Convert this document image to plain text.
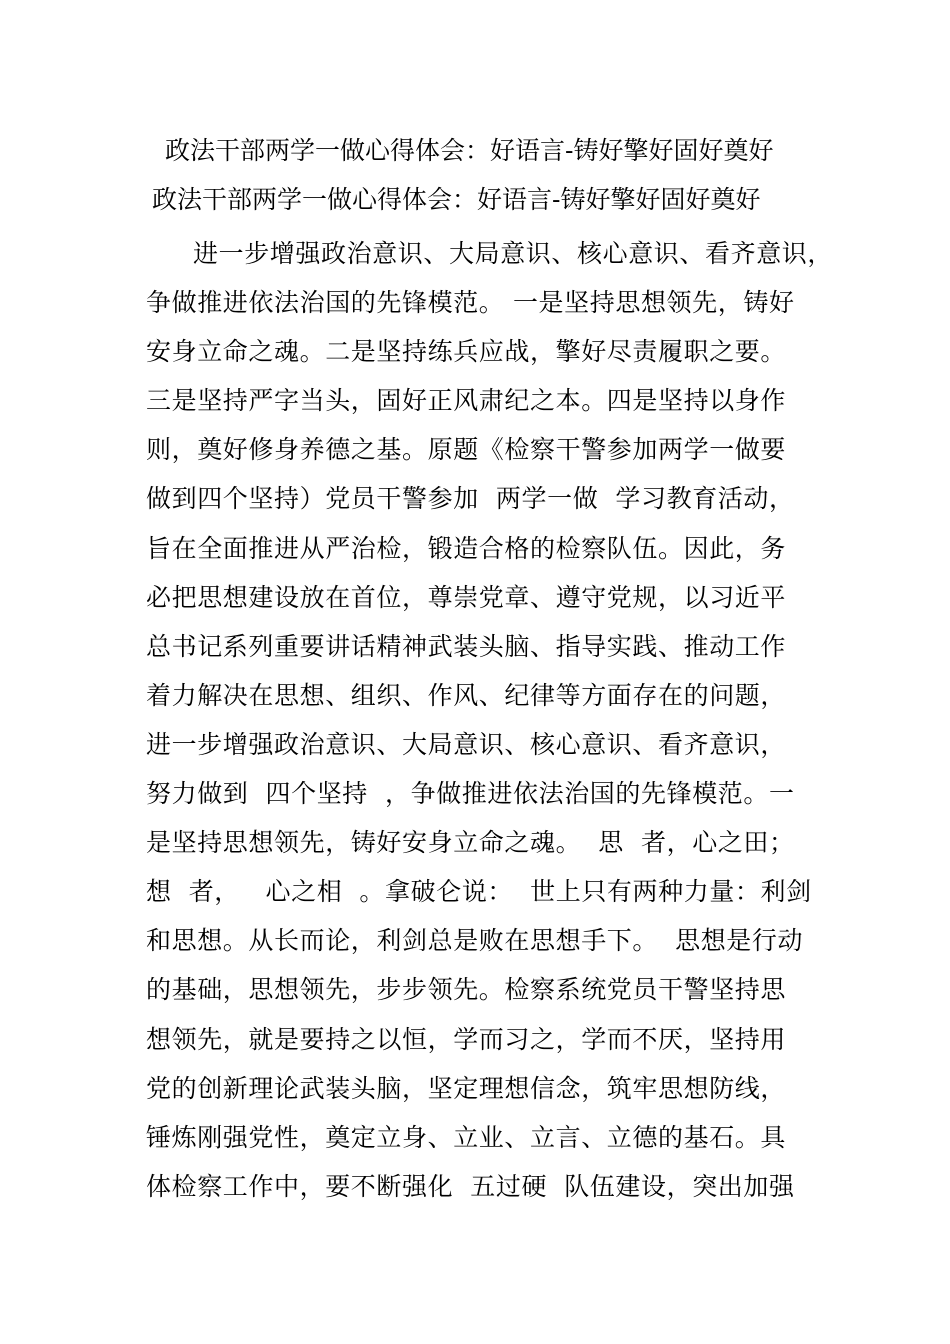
政法干部两学一做心得体会：好语言-铸好擎好固好奠好
政法干部两学一做心得体会：好语言-铸好擎好固好奠好
进一步增强政治意识、大局意识、核心意识、看齐意识，
争做推进依法治国的先锋模范。 一是坚持思想领先，铸好
安身立命之魂。二是坚持练兵应战，擎好尽责履职之要。
三是坚持严字当头，固好正风肃纪之本。四是坚持以身作
则，奠好修身养德之基。原题《检察干警参加两学一做要
做到四个坚持）党员干警参加  两学一做  学习教育活动，
旨在全面推进从严治检，锻造合格的检察队伍。因此，务
必把思想建设放在首位，尊崇党章、遵守党规，以习近平
总书记系列重要讲话精神武装头脑、指导实践、推动工作
着力解决在思想、组织、作风、纪律等方面存在的问题，
进一步增强政治意识、大局意识、核心意识、看齐意识，
努力做到  四个坚持  ，争做推进依法治国的先锋模范。一
是坚持思想领先，铸好安身立命之魂。  思  者，心之田；
想  者，   心之相  。拿破仑说：  世上只有两种力量：利剑
和思想。从长而论，利剑总是败在思想手下。  思想是行动
的基础，思想领先，步步领先。检察系统党员干警坚持思
想领先，就是要持之以恒，学而习之，学而不厌，坚持用
党的创新理论武装头脑，坚定理想信念，筑牢思想防线，
锤炼刚强党性，奠定立身、立业、立言、立德的基石。具
体检察工作中，要不断强化  五过硬  队伍建设，突出加强
